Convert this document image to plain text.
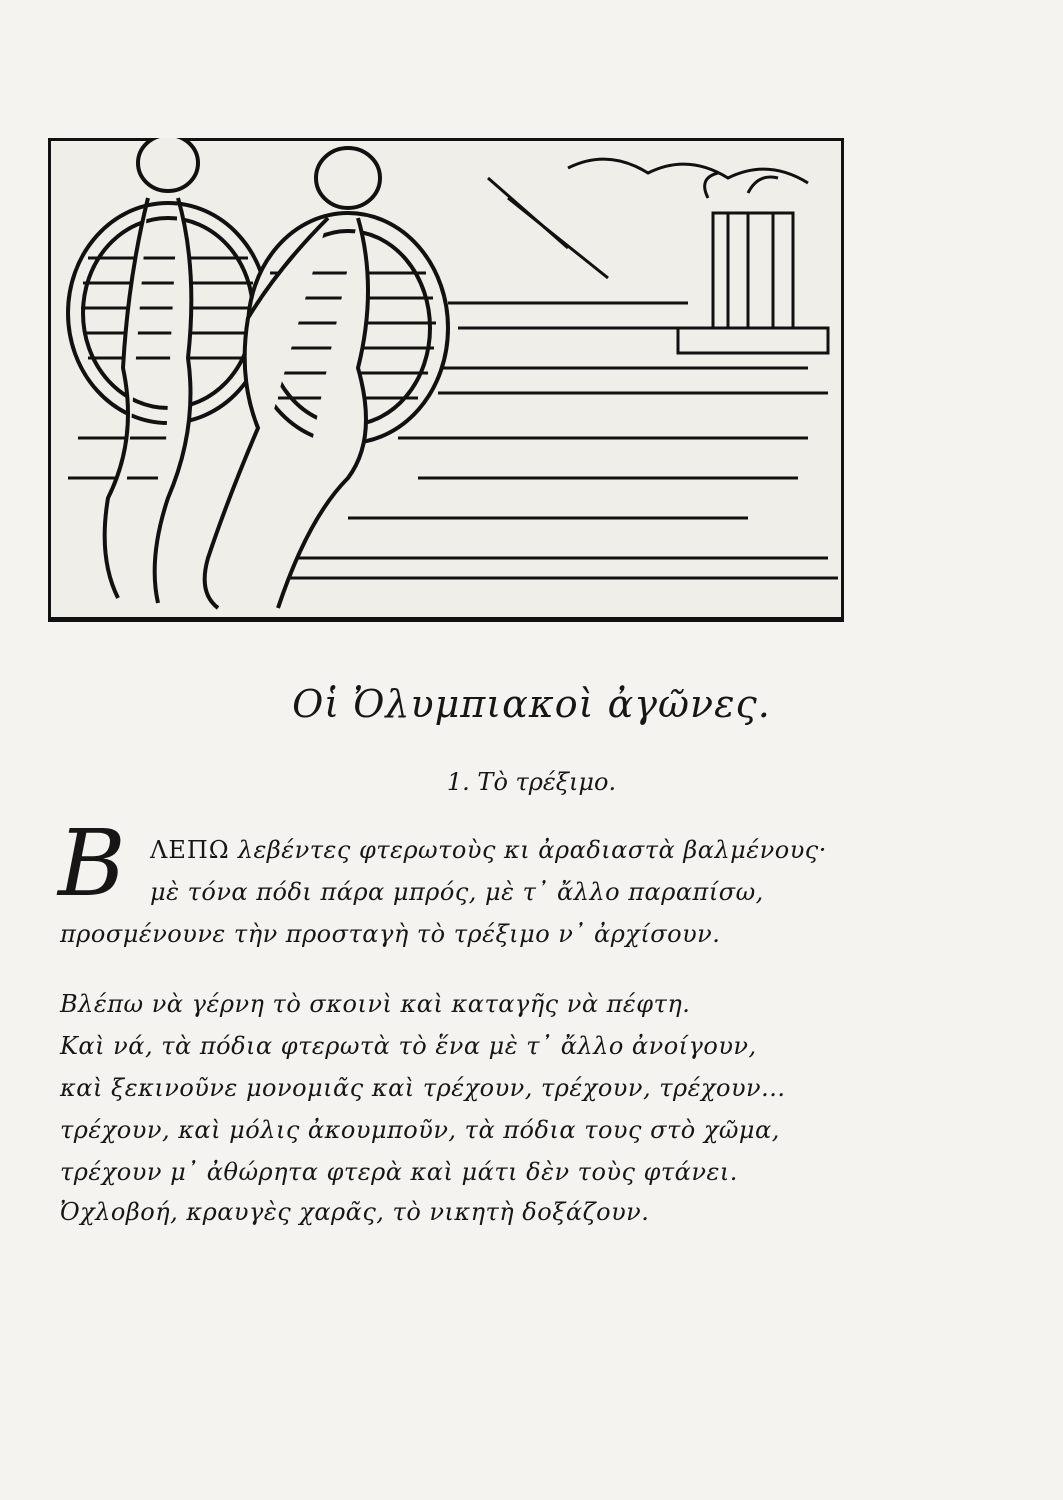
Οἱ Ὀλυμπιακοὶ ἀγῶνες.
1. Τὸ τρέξιμο.
Β ΛΕΠΩ λεβέντες φτερωτοὺς κι ἀραδιαστὰ βαλμένους·
μὲ τόνα πόδι πάρα μπρός, μὲ τ᾽ ἄλλο παραπίσω,
προσμένουνε τὴν προσταγὴ τὸ τρέξιμο ν᾽ ἀρχίσουν.
Βλέπω νὰ γέρνη τὸ σκοινὶ καὶ καταγῆς νὰ πέφτη.
Καὶ νά, τὰ πόδια φτερωτὰ τὸ ἕνα μὲ τ᾽ ἄλλο ἀνοίγουν,
καὶ ξεκινοῦνε μονομιᾶς καὶ τρέχουν, τρέχουν, τρέχουν...
τρέχουν, καὶ μόλις ἀκουμποῦν, τὰ πόδια τους στὸ χῶμα,
τρέχουν μ᾽ ἀθώρητα φτερὰ καὶ μάτι δὲν τοὺς φτάνει.
Ὀχλοβοή, κραυγὲς χαρᾶς, τὸ νικητὴ δοξάζουν.
